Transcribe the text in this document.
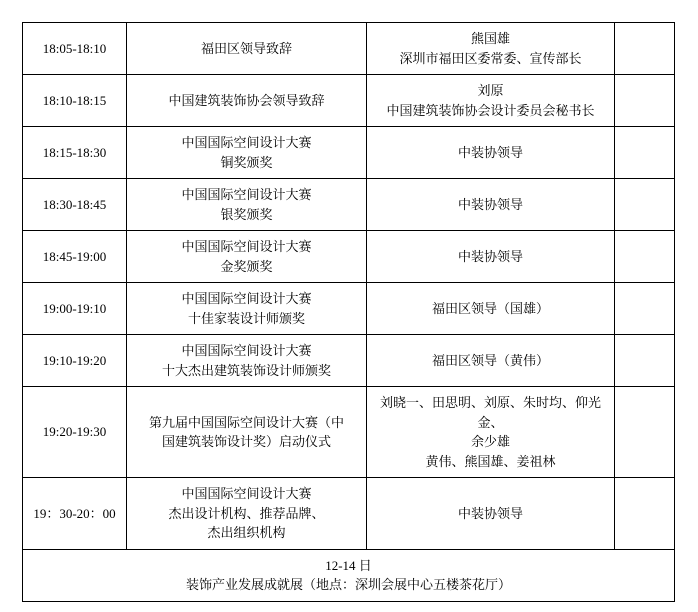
18:05-18:10	福田区领导致辞	熊国雄
深圳市福田区委常委、宣传部长	

18:10-18:15	中国建筑装饰协会领导致辞	刘原
中国建筑装饰协会设计委员会秘书长	

18:15-18:30	中国国际空间设计大赛
铜奖颁奖	中装协领导	

18:30-18:45	中国国际空间设计大赛
银奖颁奖	中装协领导	

18:45-19:00	中国国际空间设计大赛
金奖颁奖	中装协领导	

19:00-19:10	中国国际空间设计大赛
十佳家装设计师颁奖	福田区领导（国雄）	

19:10-19:20	中国国际空间设计大赛
十大杰出建筑装饰设计师颁奖	福田区领导（黄伟）	

19:20-19:30	第九届中国国际空间设计大赛（中
国建筑装饰设计奖）启动仪式	刘晓一、田思明、刘原、朱时均、仰光金、
余少雄
黄伟、熊国雄、姜祖林	

19：30-20：00	中国国际空间设计大赛
杰出设计机构、推荐品牌、
杰出组织机构	中装协领导	

12-14 日
装饰产业发展成就展（地点：深圳会展中心五楼茶花厅）			
